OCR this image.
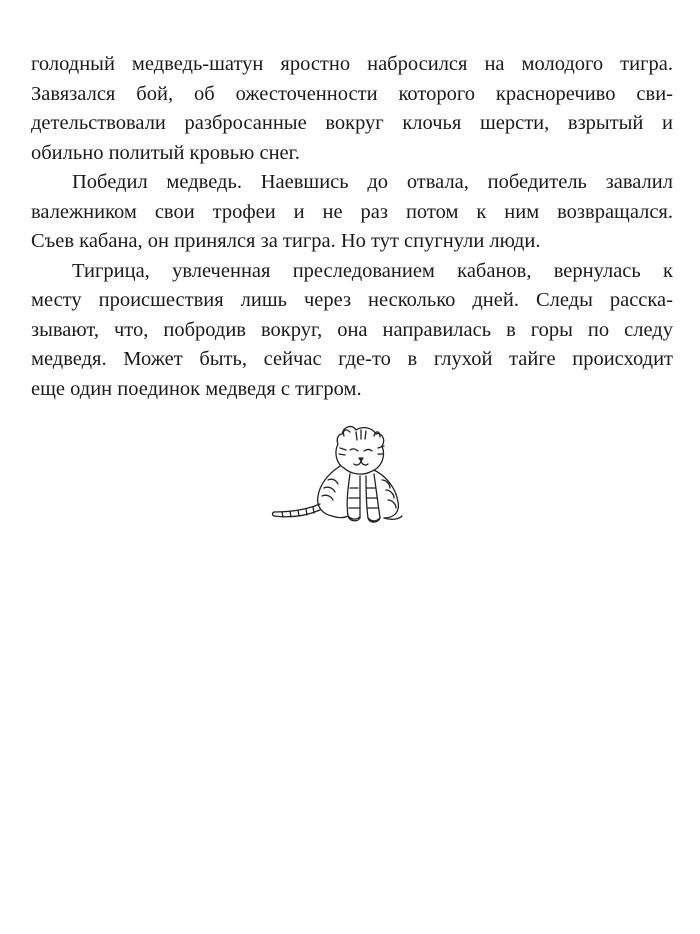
голодный медведь-шатун яростно набросился на молодого тигра.
Завязался бой, об ожесточенности которого красноречиво сви-
детельствовали разбросанные вокруг клочья шерсти, взрытый и
обильно политый кровью снег.
Победил медведь. Наевшись до отвала, победитель завалил
валежником свои трофеи и не раз потом к ним возвращался.
Съев кабана, он принялся за тигра. Но тут спугнули люди.
Тигрица, увлеченная преследованием кабанов, вернулась к
месту происшествия лишь через несколько дней. Следы расска-
зывают, что, побродив вокруг, она направилась в горы по следу
медведя. Может быть, сейчас где-то в глухой тайге происходит
еще один поединок медведя с тигром.
